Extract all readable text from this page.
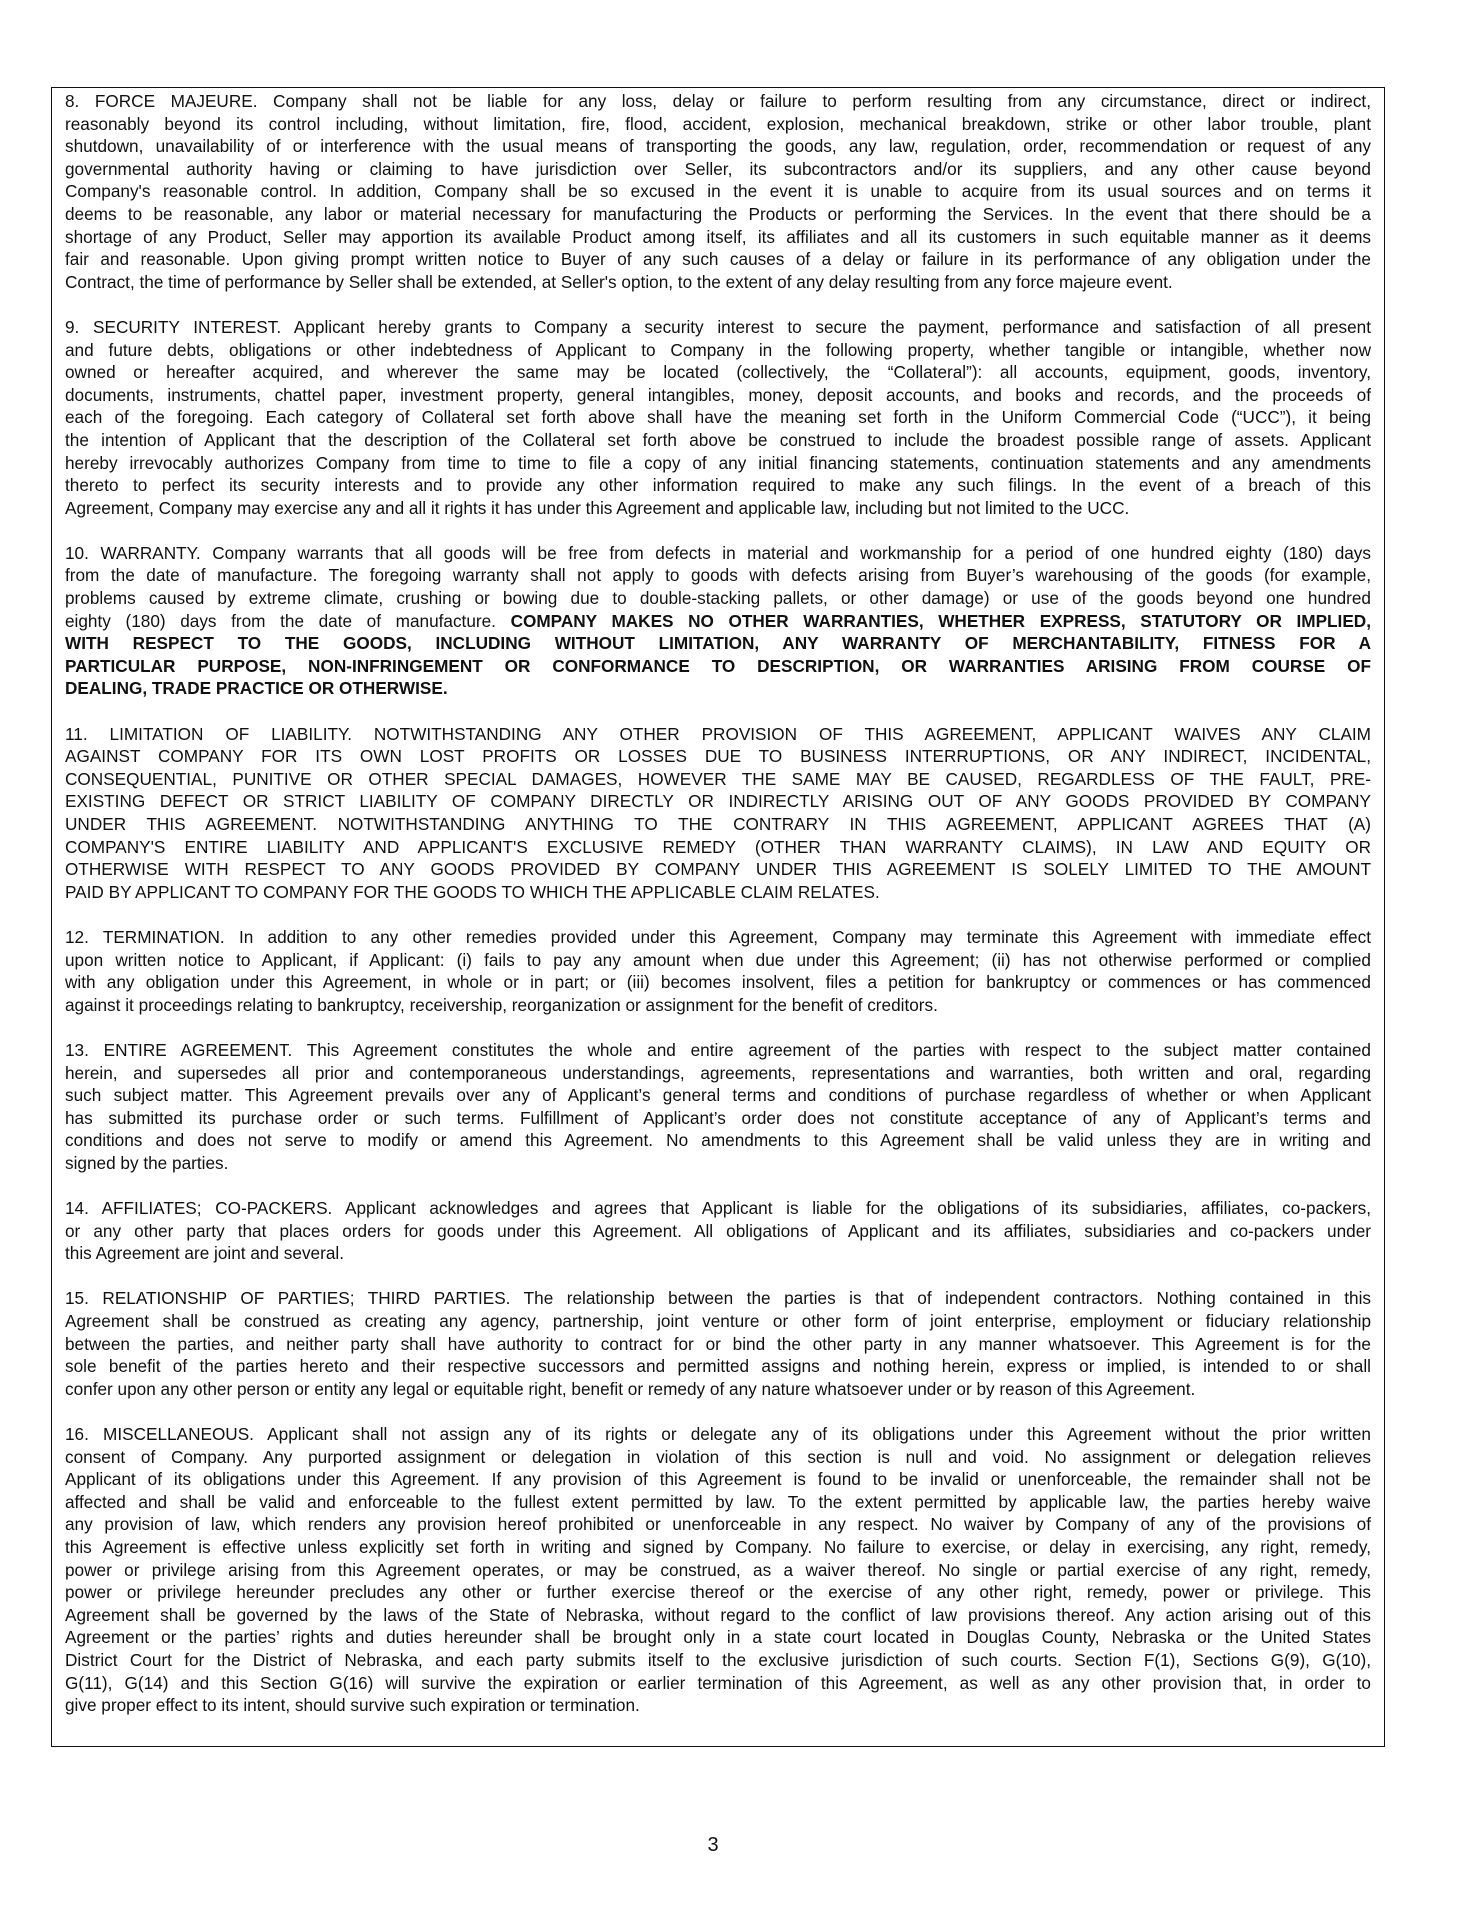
8. FORCE MAJEURE. Company shall not be liable for any loss, delay or failure to perform resulting from any circumstance, direct or indirect,
reasonably beyond its control including, without limitation, fire, flood, accident, explosion, mechanical breakdown, strike or other labor trouble, plant
shutdown, unavailability of or interference with the usual means of transporting the goods, any law, regulation, order, recommendation or request of any
governmental authority having or claiming to have jurisdiction over Seller, its subcontractors and/or its suppliers, and any other cause beyond
Company's reasonable control. In addition, Company shall be so excused in the event it is unable to acquire from its usual sources and on terms it
deems to be reasonable, any labor or material necessary for manufacturing the Products or performing the Services. In the event that there should be a
shortage of any Product, Seller may apportion its available Product among itself, its affiliates and all its customers in such equitable manner as it deems
fair and reasonable. Upon giving prompt written notice to Buyer of any such causes of a delay or failure in its performance of any obligation under the
Contract, the time of performance by Seller shall be extended, at Seller's option, to the extent of any delay resulting from any force majeure event.
9. SECURITY INTEREST. Applicant hereby grants to Company a security interest to secure the payment, performance and satisfaction of all present
and future debts, obligations or other indebtedness of Applicant to Company in the following property, whether tangible or intangible, whether now
owned or hereafter acquired, and wherever the same may be located (collectively, the “Collateral”): all accounts, equipment, goods, inventory,
documents, instruments, chattel paper, investment property, general intangibles, money, deposit accounts, and books and records, and the proceeds of
each of the foregoing. Each category of Collateral set forth above shall have the meaning set forth in the Uniform Commercial Code (“UCC”), it being
the intention of Applicant that the description of the Collateral set forth above be construed to include the broadest possible range of assets. Applicant
hereby irrevocably authorizes Company from time to time to file a copy of any initial financing statements, continuation statements and any amendments
thereto to perfect its security interests and to provide any other information required to make any such filings. In the event of a breach of this
Agreement, Company may exercise any and all it rights it has under this Agreement and applicable law, including but not limited to the UCC.
10. WARRANTY. Company warrants that all goods will be free from defects in material and workmanship for a period of one hundred eighty (180) days
from the date of manufacture. The foregoing warranty shall not apply to goods with defects arising from Buyer’s warehousing of the goods (for example,
problems caused by extreme climate, crushing or bowing due to double-stacking pallets, or other damage) or use of the goods beyond one hundred
eighty (180) days from the date of manufacture. COMPANY MAKES NO OTHER WARRANTIES, WHETHER EXPRESS, STATUTORY OR IMPLIED,
WITH RESPECT TO THE GOODS, INCLUDING WITHOUT LIMITATION, ANY WARRANTY OF MERCHANTABILITY, FITNESS FOR A
PARTICULAR PURPOSE, NON-INFRINGEMENT OR CONFORMANCE TO DESCRIPTION, OR WARRANTIES ARISING FROM COURSE OF
DEALING, TRADE PRACTICE OR OTHERWISE.
11. LIMITATION OF LIABILITY. NOTWITHSTANDING ANY OTHER PROVISION OF THIS AGREEMENT, APPLICANT WAIVES ANY CLAIM
AGAINST COMPANY FOR ITS OWN LOST PROFITS OR LOSSES DUE TO BUSINESS INTERRUPTIONS, OR ANY INDIRECT, INCIDENTAL,
CONSEQUENTIAL, PUNITIVE OR OTHER SPECIAL DAMAGES, HOWEVER THE SAME MAY BE CAUSED, REGARDLESS OF THE FAULT, PRE-
EXISTING DEFECT OR STRICT LIABILITY OF COMPANY DIRECTLY OR INDIRECTLY ARISING OUT OF ANY GOODS PROVIDED BY COMPANY
UNDER THIS AGREEMENT. NOTWITHSTANDING ANYTHING TO THE CONTRARY IN THIS AGREEMENT, APPLICANT AGREES THAT (A)
COMPANY'S ENTIRE LIABILITY AND APPLICANT'S EXCLUSIVE REMEDY (OTHER THAN WARRANTY CLAIMS), IN LAW AND EQUITY OR
OTHERWISE WITH RESPECT TO ANY GOODS PROVIDED BY COMPANY UNDER THIS AGREEMENT IS SOLELY LIMITED TO THE AMOUNT
PAID BY APPLICANT TO COMPANY FOR THE GOODS TO WHICH THE APPLICABLE CLAIM RELATES.
12. TERMINATION. In addition to any other remedies provided under this Agreement, Company may terminate this Agreement with immediate effect
upon written notice to Applicant, if Applicant: (i) fails to pay any amount when due under this Agreement; (ii) has not otherwise performed or complied
with any obligation under this Agreement, in whole or in part; or (iii) becomes insolvent, files a petition for bankruptcy or commences or has commenced
against it proceedings relating to bankruptcy, receivership, reorganization or assignment for the benefit of creditors.
13. ENTIRE AGREEMENT. This Agreement constitutes the whole and entire agreement of the parties with respect to the subject matter contained
herein, and supersedes all prior and contemporaneous understandings, agreements, representations and warranties, both written and oral, regarding
such subject matter. This Agreement prevails over any of Applicant’s general terms and conditions of purchase regardless of whether or when Applicant
has submitted its purchase order or such terms. Fulfillment of Applicant’s order does not constitute acceptance of any of Applicant’s terms and
conditions and does not serve to modify or amend this Agreement. No amendments to this Agreement shall be valid unless they are in writing and
signed by the parties.
14. AFFILIATES; CO-PACKERS. Applicant acknowledges and agrees that Applicant is liable for the obligations of its subsidiaries, affiliates, co-packers,
or any other party that places orders for goods under this Agreement. All obligations of Applicant and its affiliates, subsidiaries and co-packers under
this Agreement are joint and several.
15. RELATIONSHIP OF PARTIES; THIRD PARTIES. The relationship between the parties is that of independent contractors. Nothing contained in this
Agreement shall be construed as creating any agency, partnership, joint venture or other form of joint enterprise, employment or fiduciary relationship
between the parties, and neither party shall have authority to contract for or bind the other party in any manner whatsoever. This Agreement is for the
sole benefit of the parties hereto and their respective successors and permitted assigns and nothing herein, express or implied, is intended to or shall
confer upon any other person or entity any legal or equitable right, benefit or remedy of any nature whatsoever under or by reason of this Agreement.
16. MISCELLANEOUS. Applicant shall not assign any of its rights or delegate any of its obligations under this Agreement without the prior written
consent of Company. Any purported assignment or delegation in violation of this section is null and void. No assignment or delegation relieves
Applicant of its obligations under this Agreement. If any provision of this Agreement is found to be invalid or unenforceable, the remainder shall not be
affected and shall be valid and enforceable to the fullest extent permitted by law. To the extent permitted by applicable law, the parties hereby waive
any provision of law, which renders any provision hereof prohibited or unenforceable in any respect. No waiver by Company of any of the provisions of
this Agreement is effective unless explicitly set forth in writing and signed by Company. No failure to exercise, or delay in exercising, any right, remedy,
power or privilege arising from this Agreement operates, or may be construed, as a waiver thereof. No single or partial exercise of any right, remedy,
power or privilege hereunder precludes any other or further exercise thereof or the exercise of any other right, remedy, power or privilege. This
Agreement shall be governed by the laws of the State of Nebraska, without regard to the conflict of law provisions thereof. Any action arising out of this
Agreement or the parties’ rights and duties hereunder shall be brought only in a state court located in Douglas County, Nebraska or the United States
District Court for the District of Nebraska, and each party submits itself to the exclusive jurisdiction of such courts. Section F(1), Sections G(9), G(10),
G(11), G(14) and this Section G(16) will survive the expiration or earlier termination of this Agreement, as well as any other provision that, in order to
give proper effect to its intent, should survive such expiration or termination.
3
